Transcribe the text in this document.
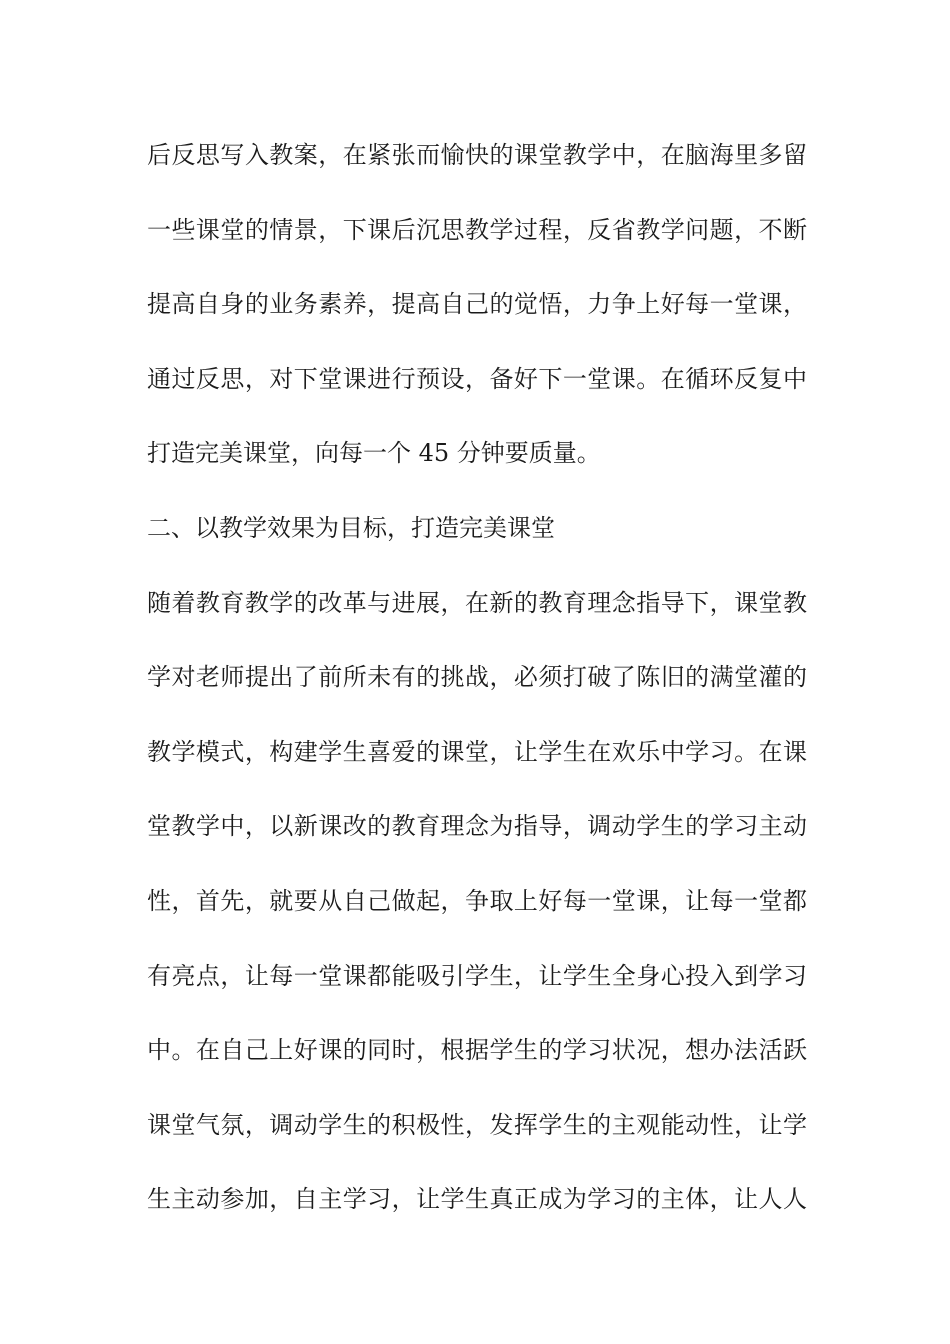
后反思写入教案，在紧张而愉快的课堂教学中，在脑海里多留
一些课堂的情景，下课后沉思教学过程，反省教学问题，不断
提高自身的业务素养，提高自己的觉悟，力争上好每一堂课，
通过反思，对下堂课进行预设，备好下一堂课。在循环反复中
打造完美课堂，向每一个 45 分钟要质量。
二、以教学效果为目标，打造完美课堂
随着教育教学的改革与进展，在新的教育理念指导下，课堂教
学对老师提出了前所未有的挑战，必须打破了陈旧的满堂灌的
教学模式，构建学生喜爱的课堂，让学生在欢乐中学习。在课
堂教学中，以新课改的教育理念为指导，调动学生的学习主动
性，首先，就要从自己做起，争取上好每一堂课，让每一堂都
有亮点，让每一堂课都能吸引学生，让学生全身心投入到学习
中。在自己上好课的同时，根据学生的学习状况，想办法活跃
课堂气氛，调动学生的积极性，发挥学生的主观能动性，让学
生主动参加，自主学习，让学生真正成为学习的主体，让人人
